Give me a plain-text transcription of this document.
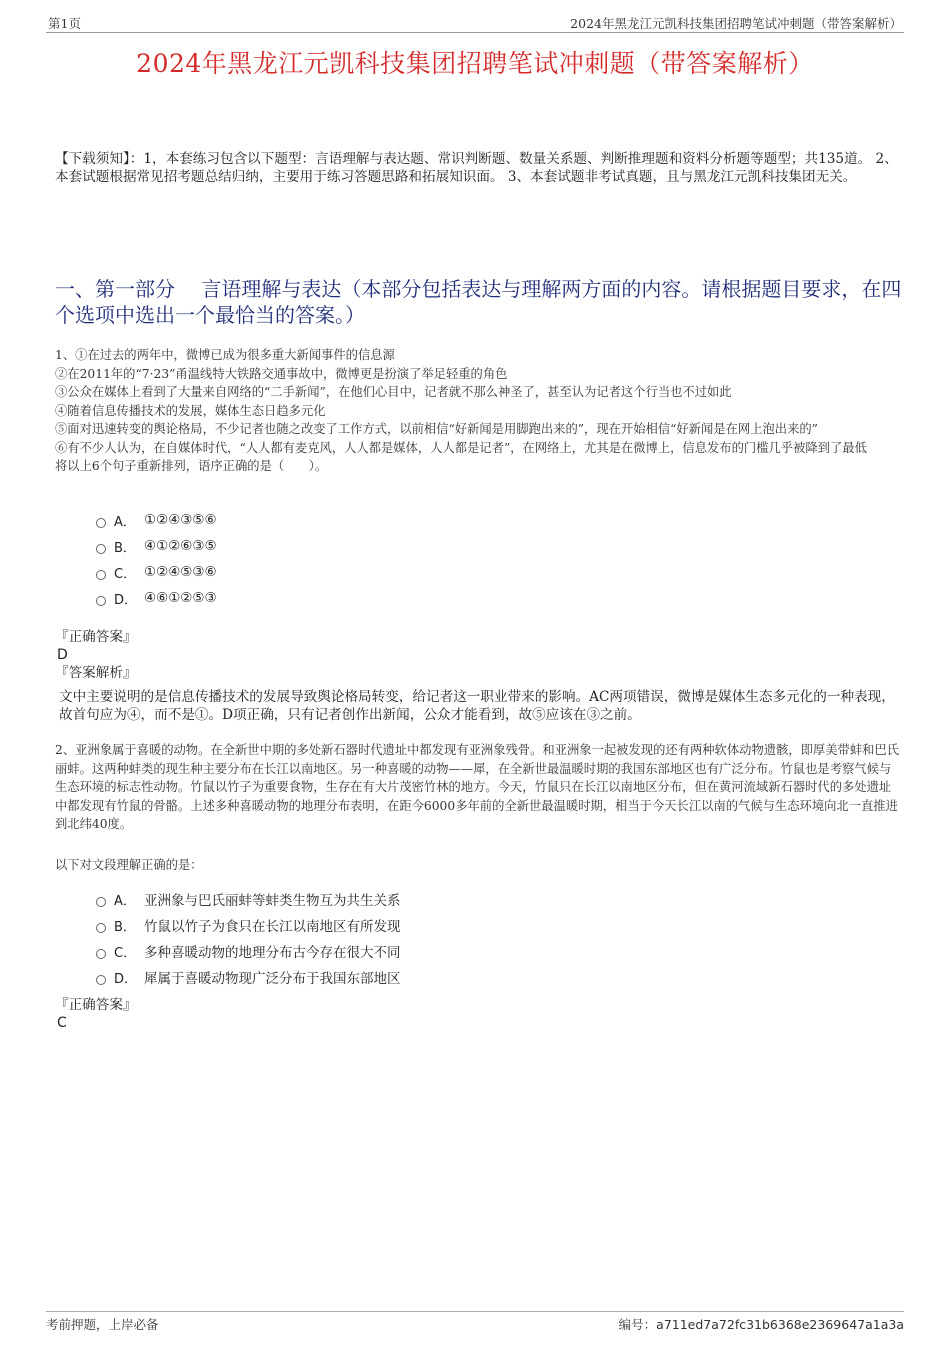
第1页	2024年黑龙江元凯科技集团招聘笔试冲刺题（带答案解析）
2024年黑龙江元凯科技集团招聘笔试冲刺题（带答案解析）
【下载须知】：1，本套练习包含以下题型：言语理解与表达题、常识判断题、数量关系题、判断推理题和资料分析题等题型；共135道。 2、本套试题根据常见招考题总结归纳，主要用于练习答题思路和拓展知识面。 3、本套试题非考试真题，且与黑龙江元凯科技集团无关。
一、第一部分　 言语理解与表达（本部分包括表达与理解两方面的内容。请根据题目要求，在四个选项中选出一个最恰当的答案。）
1、①在过去的两年中，微博已成为很多重大新闻事件的信息源
②在2011年的“7·23”甬温线特大铁路交通事故中，微博更是扮演了举足轻重的角色
③公众在媒体上看到了大量来自网络的“二手新闻”，在他们心目中，记者就不那么神圣了，甚至认为记者这个行当也不过如此
④随着信息传播技术的发展，媒体生态日趋多元化
⑤面对迅速转变的舆论格局，不少记者也随之改变了工作方式，以前相信“好新闻是用脚跑出来的”，现在开始相信“好新闻是在网上泡出来的”
⑥有不少人认为，在自媒体时代，“人人都有麦克风，人人都是媒体，人人都是记者”，在网络上，尤其是在微博上，信息发布的门槛几乎被降到了最低
将以上6个句子重新排列，语序正确的是（　　）。
A． ①②④③⑤⑥
B． ④①②⑥③⑤
C． ①②④⑤③⑥
D． ④⑥①②⑤③
『正确答案』
D
『答案解析』
文中主要说明的是信息传播技术的发展导致舆论格局转变，给记者这一职业带来的影响。AC两项错误，微博是媒体生态多元化的一种表现，故首句应为④，而不是①。D项正确，只有记者创作出新闻，公众才能看到，故⑤应该在③之前。
2、亚洲象属于喜暖的动物。在全新世中期的多处新石器时代遗址中都发现有亚洲象残骨。和亚洲象一起被发现的还有两种软体动物遗骸，即厚美带蚌和巴氏丽蚌。这两种蚌类的现生种主要分布在长江以南地区。另一种喜暖的动物——犀，在全新世最温暖时期的我国东部地区也有广泛分布。竹鼠也是考察气候与生态环境的标志性动物。竹鼠以竹子为重要食物，生存在有大片茂密竹林的地方。今天，竹鼠只在长江以南地区分布，但在黄河流域新石器时代的多处遗址中都发现有竹鼠的骨骼。上述多种喜暖动物的地理分布表明，在距今6000多年前的全新世最温暖时期，相当于今天长江以南的气候与生态环境向北一直推进到北纬40度。
以下对文段理解正确的是：
A． 亚洲象与巴氏丽蚌等蚌类生物互为共生关系
B． 竹鼠以竹子为食只在长江以南地区有所发现
C． 多种喜暖动物的地理分布古今存在很大不同
D． 犀属于喜暖动物现广泛分布于我国东部地区
『正确答案』
C
考前押题，上岸必备	编号：a711ed7a72fc31b6368e2369647a1a3a
